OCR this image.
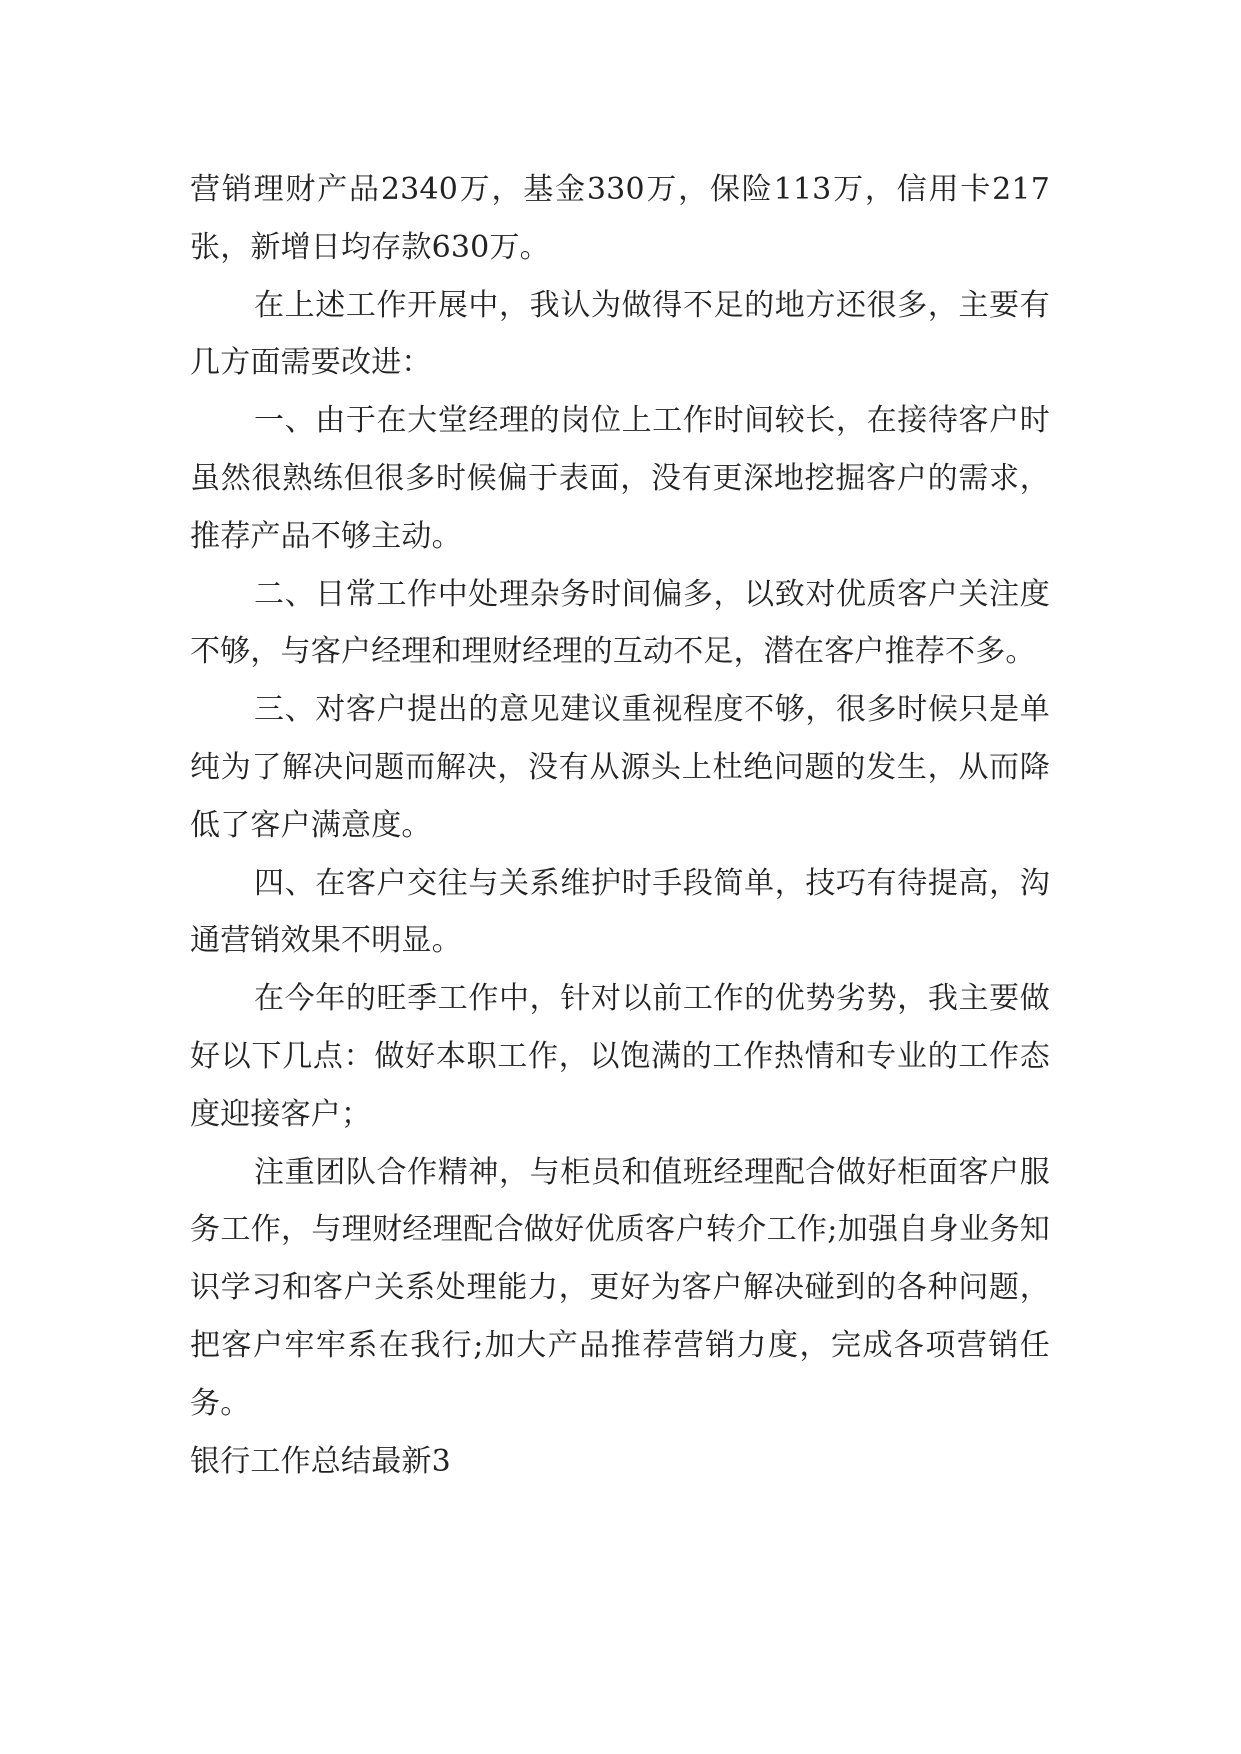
营销理财产品2340万，基金330万，保险113万，信用卡217张，新增日均存款630万。

在上述工作开展中，我认为做得不足的地方还很多，主要有几方面需要改进：

一、由于在大堂经理的岗位上工作时间较长，在接待客户时虽然很熟练但很多时候偏于表面，没有更深地挖掘客户的需求，推荐产品不够主动。

二、日常工作中处理杂务时间偏多，以致对优质客户关注度不够，与客户经理和理财经理的互动不足，潜在客户推荐不多。

三、对客户提出的意见建议重视程度不够，很多时候只是单纯为了解决问题而解决，没有从源头上杜绝问题的发生，从而降低了客户满意度。

四、在客户交往与关系维护时手段简单，技巧有待提高，沟通营销效果不明显。

在今年的旺季工作中，针对以前工作的优势劣势，我主要做好以下几点：做好本职工作，以饱满的工作热情和专业的工作态度迎接客户；

注重团队合作精神，与柜员和值班经理配合做好柜面客户服务工作，与理财经理配合做好优质客户转介工作;加强自身业务知识学习和客户关系处理能力，更好为客户解决碰到的各种问题，把客户牢牢系在我行;加大产品推荐营销力度，完成各项营销任务。

银行工作总结最新3
